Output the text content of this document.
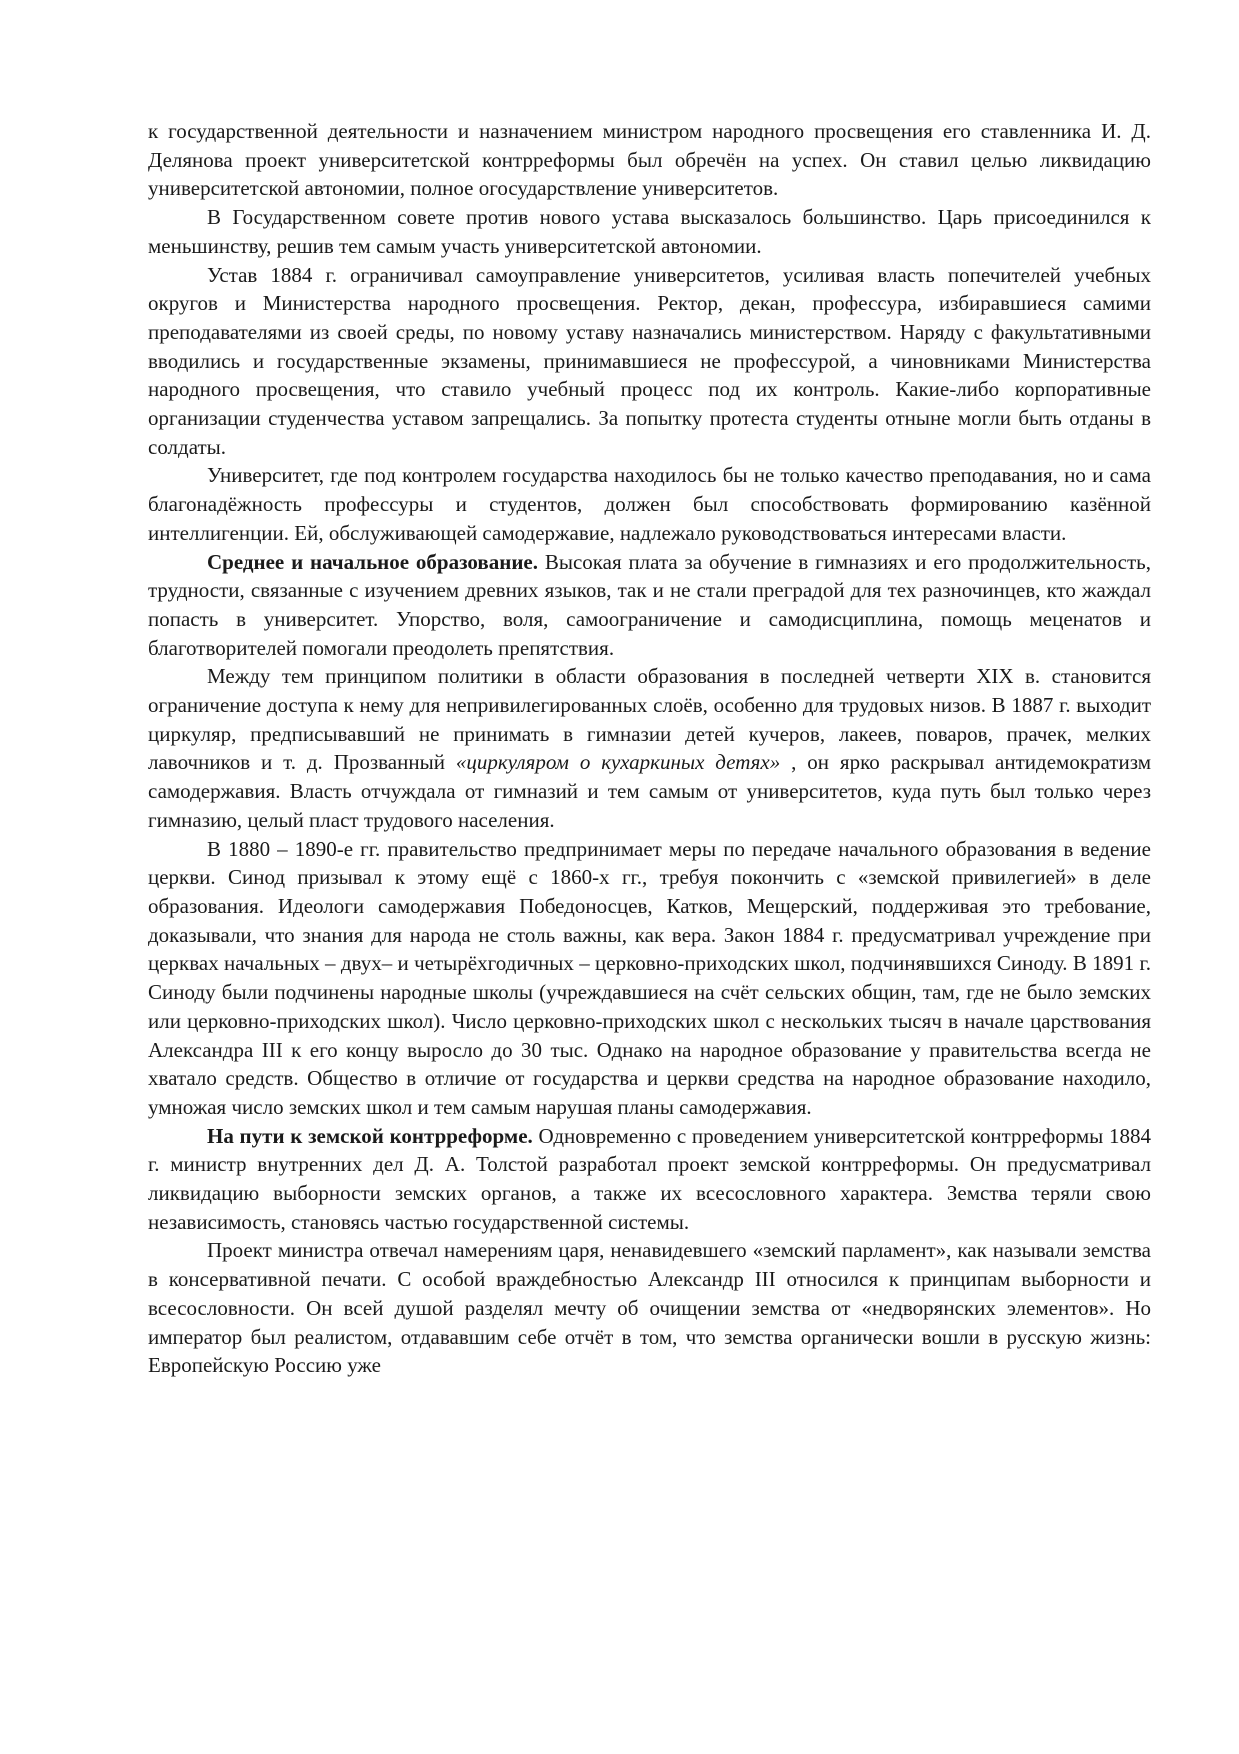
к государственной деятельности и назначением министром народного просвещения его ставленника И. Д. Делянова проект университетской контрреформы был обречён на успех. Он ставил целью ликвидацию университетской автономии, полное огосударствление университетов.

В Государственном совете против нового устава высказалось большинство. Царь присоединился к меньшинству, решив тем самым участь университетской автономии.

Устав 1884 г. ограничивал самоуправление университетов, усиливая власть попечителей учебных округов и Министерства народного просвещения. Ректор, декан, профессура, избиравшиеся самими преподавателями из своей среды, по новому уставу назначались министерством. Наряду с факультативными вводились и государственные экзамены, принимавшиеся не профессурой, а чиновниками Министерства народного просвещения, что ставило учебный процесс под их контроль. Какие-либо корпоративные организации студенчества уставом запрещались. За попытку протеста студенты отныне могли быть отданы в солдаты.

Университет, где под контролем государства находилось бы не только качество преподавания, но и сама благонадёжность профессуры и студентов, должен был способствовать формированию казённой интеллигенции. Ей, обслуживающей самодержавие, надлежало руководствоваться интересами власти.

Среднее и начальное образование. Высокая плата за обучение в гимназиях и его продолжительность, трудности, связанные с изучением древних языков, так и не стали преградой для тех разночинцев, кто жаждал попасть в университет. Упорство, воля, самоограничение и самодисциплина, помощь меценатов и благотворителей помогали преодолеть препятствия.

Между тем принципом политики в области образования в последней четверти XIX в. становится ограничение доступа к нему для непривилегированных слоёв, особенно для трудовых низов. В 1887 г. выходит циркуляр, предписывавший не принимать в гимназии детей кучеров, лакеев, поваров, прачек, мелких лавочников и т. д. Прозванный «циркуляром о кухаркиных детях» , он ярко раскрывал антидемократизм самодержавия. Власть отчуждала от гимназий и тем самым от университетов, куда путь был только через гимназию, целый пласт трудового населения.

В 1880 – 1890-е гг. правительство предпринимает меры по передаче начального образования в ведение церкви. Синод призывал к этому ещё с 1860-х гг., требуя покончить с «земской привилегией» в деле образования. Идеологи самодержавия Победоносцев, Катков, Мещерский, поддерживая это требование, доказывали, что знания для народа не столь важны, как вера. Закон 1884 г. предусматривал учреждение при церквах начальных – двух– и четырёхгодичных – церковно-приходских школ, подчинявшихся Синоду. В 1891 г. Синоду были подчинены народные школы (учреждавшиеся на счёт сельских общин, там, где не было земских или церковно-приходских школ). Число церковно-приходских школ с нескольких тысяч в начале царствования Александра III к его концу выросло до 30 тыс. Однако на народное образование у правительства всегда не хватало средств. Общество в отличие от государства и церкви средства на народное образование находило, умножая число земских школ и тем самым нарушая планы самодержавия.

На пути к земской контрреформе. Одновременно с проведением университетской контрреформы 1884 г. министр внутренних дел Д. А. Толстой разработал проект земской контрреформы. Он предусматривал ликвидацию выборности земских органов, а также их всесословного характера. Земства теряли свою независимость, становясь частью государственной системы.

Проект министра отвечал намерениям царя, ненавидевшего «земский парламент», как называли земства в консервативной печати. С особой враждебностью Александр III относился к принципам выборности и всесословности. Он всей душой разделял мечту об очищении земства от «недворянских элементов». Но император был реалистом, отдававшим себе отчёт в том, что земства органически вошли в русскую жизнь: Европейскую Россию уже
